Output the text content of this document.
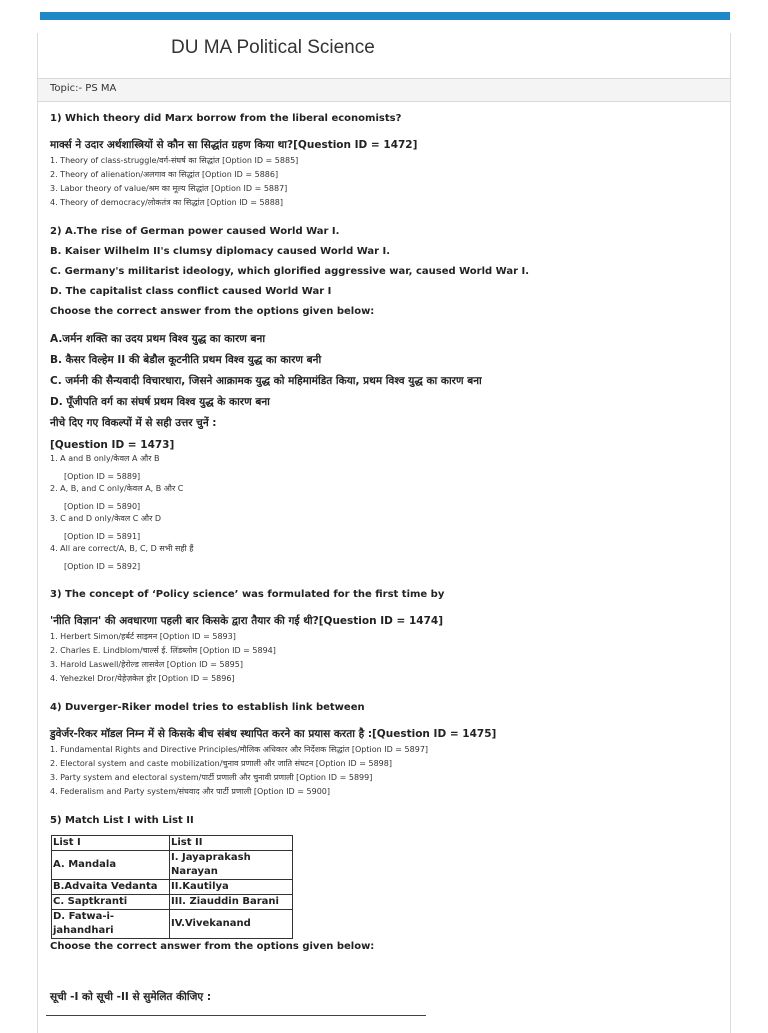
DU MA Political Science
Topic:- PS MA

1) Which theory did Marx borrow from the liberal economists?

मार्क्स ने उदार अर्थशास्त्रियों से कौन सा सिद्धांत ग्रहण किया था?[Question ID = 1472]

1. Theory of class-struggle/वर्ग-संघर्ष का सिद्धांत [Option ID = 5885]

2. Theory of alienation/अलगाव का सिद्धांत [Option ID = 5886]

3. Labor theory of value/श्रम का मूल्य सिद्धांत [Option ID = 5887]

4. Theory of democracy/लोकतंत्र का सिद्धांत [Option ID = 5888]

2) A.The rise of German power caused World War I.

B. Kaiser Wilhelm II's clumsy diplomacy caused World War I.

C. Germany's militarist ideology, which glorified aggressive war, caused World War I.

D. The capitalist class conflict caused World War I

Choose the correct answer from the options given below:

A.जर्मन शक्ति का उदय प्रथम विश्व युद्ध का कारण बना

B. कैसर विल्हेम II की बेडौल कूटनीति प्रथम विश्व युद्ध का कारण बनी

C. जर्मनी की सैन्यवादी विचारधारा, जिसने आक्रामक युद्ध को महिमामंडित किया, प्रथम विश्व युद्ध का कारण बना

D. पूँजीपति वर्ग का संघर्ष प्रथम विश्व युद्ध के कारण बना

नीचे दिए गए विकल्पों में से सही उत्तर चुनें :

[Question ID = 1473]

1. A and B only/केवल A और B

[Option ID = 5889]

2. A, B, and C only/केवल A, B और C

[Option ID = 5890]

3. C and D only/केवल C और D

[Option ID = 5891]

4. All are correct/A, B, C, D सभी सही हैं

[Option ID = 5892]

3) The concept of ‘Policy science’ was formulated for the first time by

'नीति विज्ञान' की अवधारणा पहली बार किसके द्वारा तैयार की गई थी?[Question ID = 1474]

1. Herbert Simon/हर्बर्ट साइमन [Option ID = 5893]

2. Charles E. Lindblom/चार्ल्स ई. लिंडब्लोम [Option ID = 5894]

3. Harold Laswell/हेरोल्ड लासवेल [Option ID = 5895]

4. Yehezkel Dror/येहेज़केल ड्रोर [Option ID = 5896]

4) Duverger-Riker model tries to establish link between

डुवेर्जर-रिकर मॉडल निम्न में से किसके बीच संबंध स्थापित करने का प्रयास करता है :[Question ID = 1475]

1. Fundamental Rights and Directive Principles/मौलिक अधिकार और निर्देशक सिद्धांत [Option ID = 5897]

2. Electoral system and caste mobilization/चुनाव प्रणाली और जाति संघटन [Option ID = 5898]

3. Party system and electoral system/पार्टी प्रणाली और चुनावी प्रणाली [Option ID = 5899]

4. Federalism and Party system/संघवाद और पार्टी प्रणाली [Option ID = 5900]

5) Match List I with List II

List I	List II
A. Mandala	I. Jayaprakash Narayan
B.Advaita Vedanta	II.Kautilya
C. Saptkranti	III. Ziauddin Barani
D. Fatwa-i-jahandhari	IV.Vivekanand

Choose the correct answer from the options given below:

सूची -I को सूची -II से सुमेलित कीजिए :
